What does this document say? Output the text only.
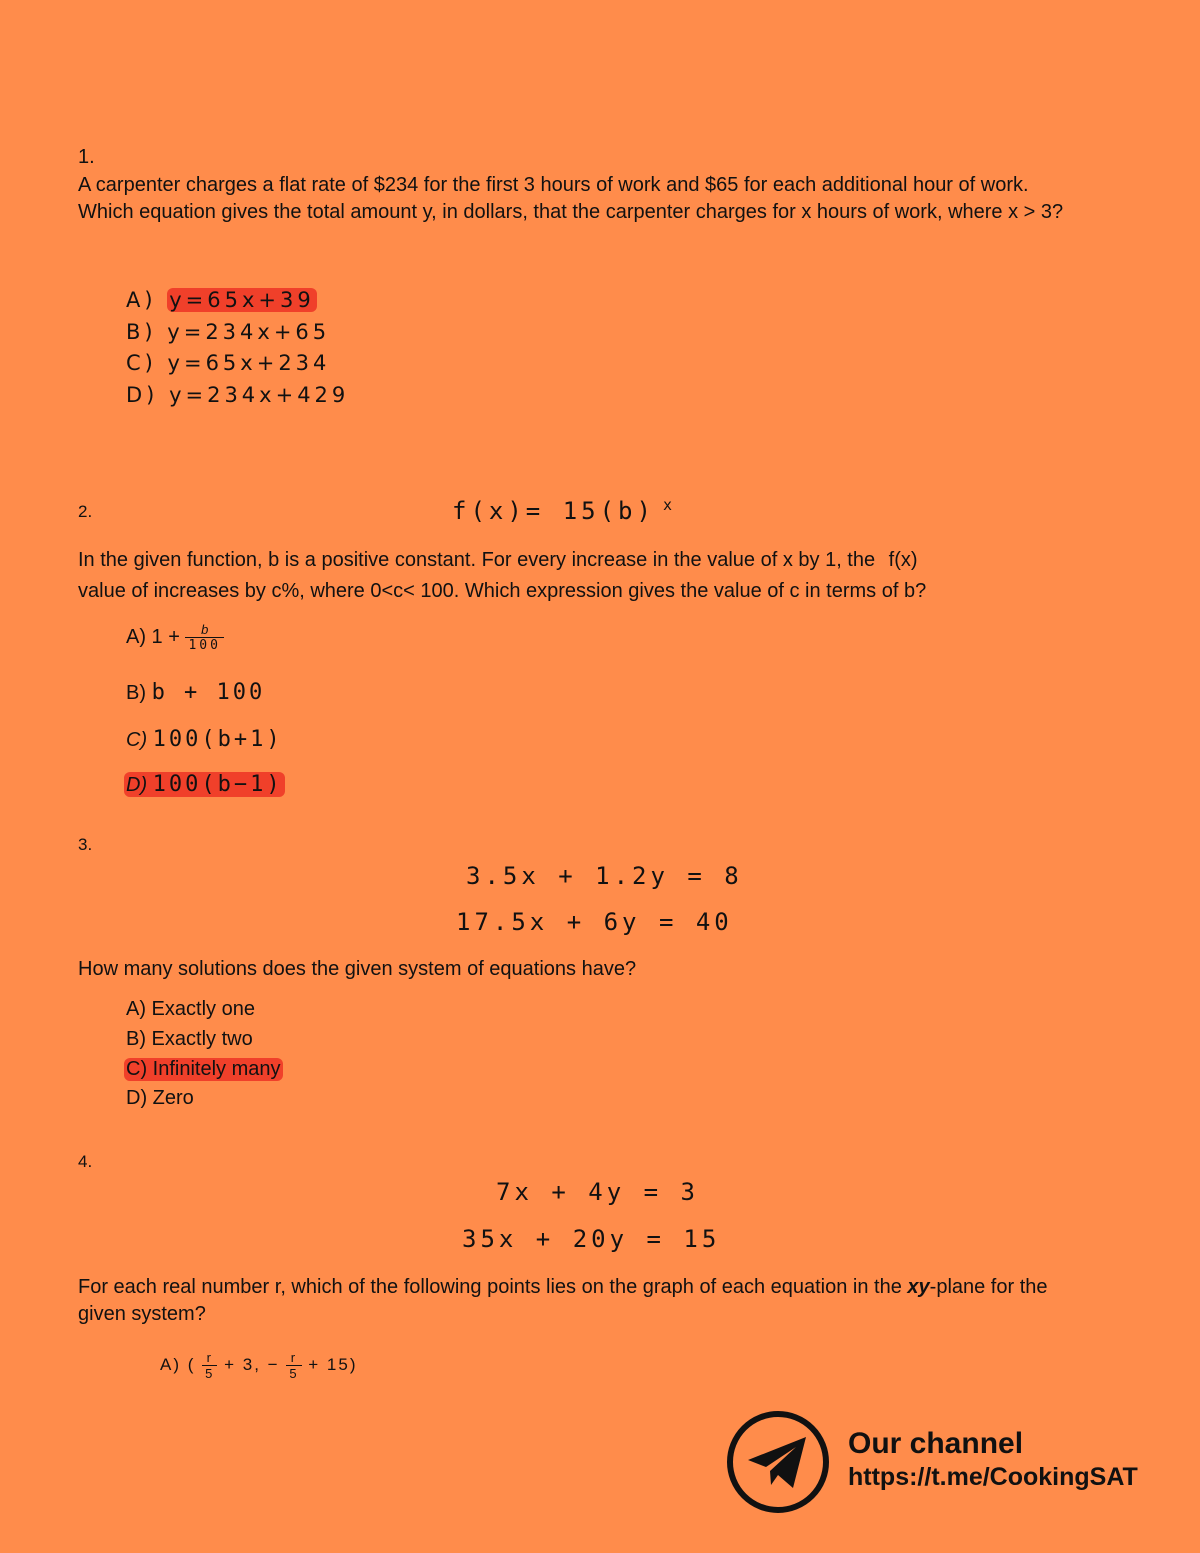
1.
A carpenter charges a flat rate of $234 for the first 3 hours of work and $65 for each additional hour of work. Which equation gives the total amount y, in dollars, that the carpenter charges for x hours of work, where x > 3?
A) y=65x+39
B) y=234x+65
C) y=65x+234
D) y=234x+429
2.	f(x)= 15(b) $^x$
In the given function, b is a positive constant. For every increase in the value of x by 1, the f(x)
value of increases by c%, where 0<c< 100. Which expression gives the value of c in terms of b?
A) $1 + \frac{b}{100}$
B) b + 100
C) 100(b+1)
D) 100(b−1)
3.
3.5x + 1.2y = 8
17.5x + 6y = 40
How many solutions does the given system of equations have?
A) Exactly one
B) Exactly two
C) Infinitely many
D) Zero
4.
7x + 4y = 3
35x + 20y = 15
For each real number r, which of the following points lies on the graph of each equation in the xy-plane for the given system?
A) ( $\frac{r}{5} + 3$, − $\frac{r}{5} + 15$)
Our channel
https://t.me/CookingSAT
